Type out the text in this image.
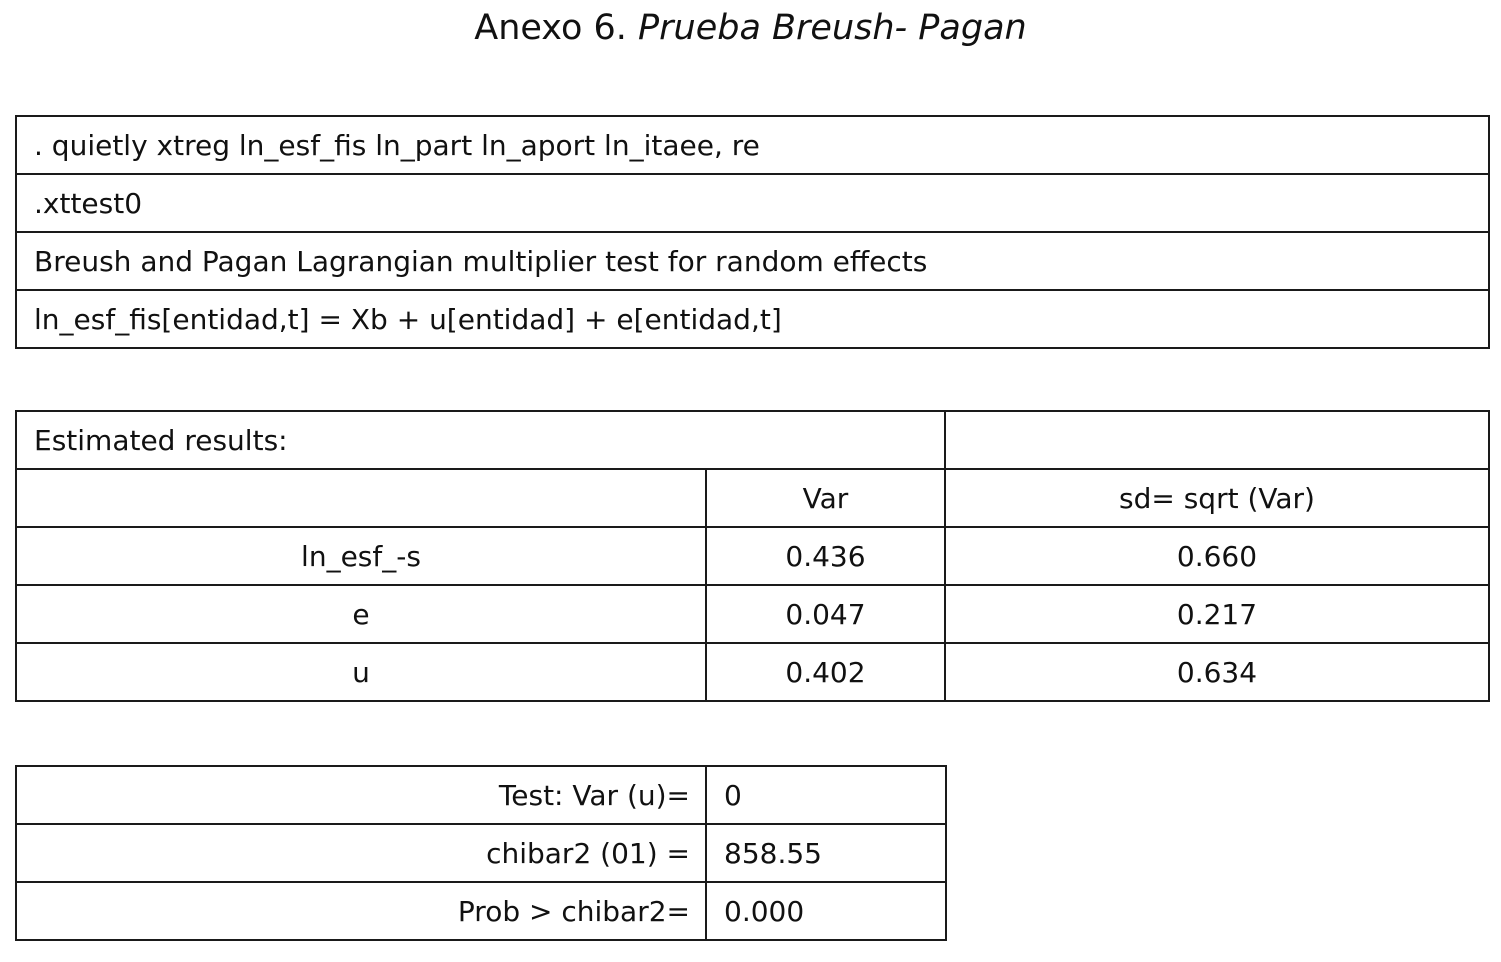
Anexo 6. Prueba Breush- Pagan
. quietly xtreg ln_esf_fis ln_part ln_aport ln_itaee, re
.xttest0
Breush and Pagan Lagrangian multiplier test for random effects
ln_esf_fis[entidad,t] = Xb + u[entidad] + e[entidad,t]
Estimated results:		
	Var	sd= sqrt (Var)
ln_esf_-s	0.436	0.660
e	0.047	0.217
u	0.402	0.634
Test: Var (u)=	0
chibar2 (01) =	858.55
Prob > chibar2=	0.000
